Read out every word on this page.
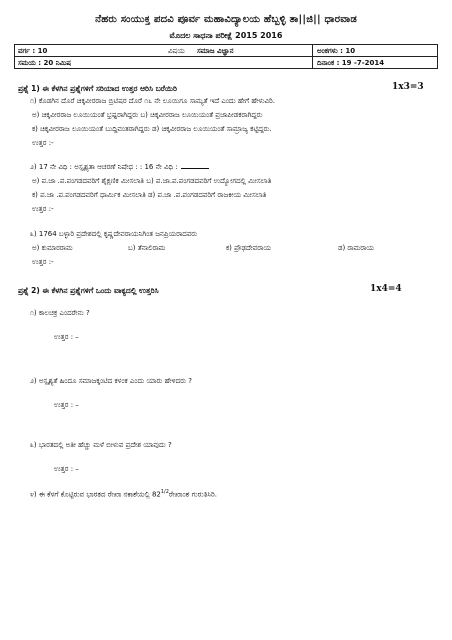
ನೆಹರು ಸಂಯುಕ್ತ ಪದವಿ ಪೂರ್ವ ಮಹಾವಿದ್ಯಾಲಯ ಹೆಬ್ಬಳ್ಳಿ ತಾ||ಜಿ|| ಧಾರವಾಡ
ಮೊದಲ ಸಾಧನಾ ಪರೀಕ್ಷೆ 2015 2016
ವರ್ಗ : 10	ವಿಷಯ ಸಮಾಜ ವಿಜ್ಞಾನ	ಅಂಕಗಳು : 10
ಸಮಯ : 20 ನಿಮಿಷ	ದಿನಾಂಕ : 19 -7-2014
ಪ್ರಶ್ನೆ 1) ಈ ಕೆಳಗಿನ ಪ್ರಶ್ನೆಗಳಿಗೆ ಸರಿಯಾದ ಉತ್ತರ ಆರಿಸಿ ಬರೆಯಿರಿ	1x3=3
೧) ಕೊಡಗಿನ ದೊರೆ ಚಿಕ್ಕವೀರರಾಜ ಬ್ರಿಟಿಷರ ದೊರೆ ೧೬ ನೇ ಲೂಯಿಗೂ ಸಾಮ್ಯತೆ ಇದೆ ಎಂದು ಹೇಗೆ ಹೇಳುವಿರಿ.
ಅ) ಚಿಕ್ಕವೀರರಾಜ ಲೂಯಿಯಂತೆ ಭ್ರಷ್ಟರಾಗಿದ್ದರು ಬ) ಚಿಕ್ಕವೀರರಾಜ ಲೂಯಿಯಂತೆ ಪ್ರಜಾಪೀಡಕರಾಗಿದ್ದರು
ಕ) ಚಿಕ್ಕವೀರರಾಜ ಲೂಯಿಯಂತೆ ಬುದ್ದಿವಂತರಾಗಿದ್ದರು ಡ) ಚಿಕ್ಕವೀರರಾಜ ಲೂಯಿಯಂತೆ ಸಾಮ್ರಾಜ್ಯ ಕಟ್ಟಿದ್ದರು.
ಉತ್ತರ :-
೨) 17 ನೇ ವಿಧಿ : ಅಸ್ಪೃಶ್ಯತಾ ಆಚರಣೆ ನಿಷೇಧ : : 16 ನೇ ವಿಧಿ :
ಅ) ಪ.ಜಾ .ಪ.ಪಂಗಡದವರಿಗೆ ಶೈಕ್ಷಣಿಕ ಮೀಸಲಾತಿ ಬ) ಪ.ಜಾ.ಪ.ಪಂಗಡದವರಿಗೆ ಉದ್ಯೋಗದಲ್ಲಿ ಮೀಸಲಾತಿ
ಕ) ಪ.ಜಾ .ಪ.ಪಂಗಡದವರಿಗೆ ಧಾರ್ಮಿಕ ಮೀಸಲಾತಿ ಡ) ಪ.ಜಾ .ಪ.ಪಂಗಡದವರಿಗೆ ರಾಜಕೀಯ ಮೀಸಲಾತಿ
ಉತ್ತರ :-
೩) 1764 ಬಳ್ಳಾರಿ ಪ್ರದೇಶದಲ್ಲಿ ಕೃಷ್ಣದೇವರಾಯನಿಗಿಂತ ಜನಪ್ರಿಯರಾದವರು
ಅ) ಕುಮಾರರಾಮ	ಬ) ತೆನಾಲಿರಾಮ	ಕ) ಪ್ರೌಢದೇವರಾಯ	ಡ) ರಾಮರಾಯ
ಉತ್ತರ :-
ಪ್ರಶ್ನೆ 2) ಈ ಕೆಳಗಿನ ಪ್ರಶ್ನೆಗಳಿಗೆ ಒಂದು ವಾಕ್ಯದಲ್ಲಿ ಉತ್ತರಿಸಿ	1x4=4
೧) ಕಾಲಚಕ್ರ ಎಂದರೇನು ?
ಉತ್ತರ : –
೨) ಅಸ್ಪೃಶ್ಯತೆ ಹಿಂದೂ ಸಮಾಜಕ್ಕಂಟಿದ ಕಳಂಕ ಎಂದು ಯಾರು ಹೇಳಿದರು ?
ಉತ್ತರ : –
೩) ಭಾರತದಲ್ಲಿ ಅತೀ ಹೆಚ್ಚು ಮಳೆ ಬೀಳುವ ಪ್ರದೇಶ ಯಾವುದು ?
ಉತ್ತರ : –
೪) ಈ ಕೆಳಗೆ ಕೊಟ್ಟಿರುವ ಭಾರತದ ರೇಖಾ ನಕಾಶೆಯಲ್ಲಿ $82^{1/2}ರೇಖಾಂಶ$ ಗುರುತಿಸಿರಿ.
